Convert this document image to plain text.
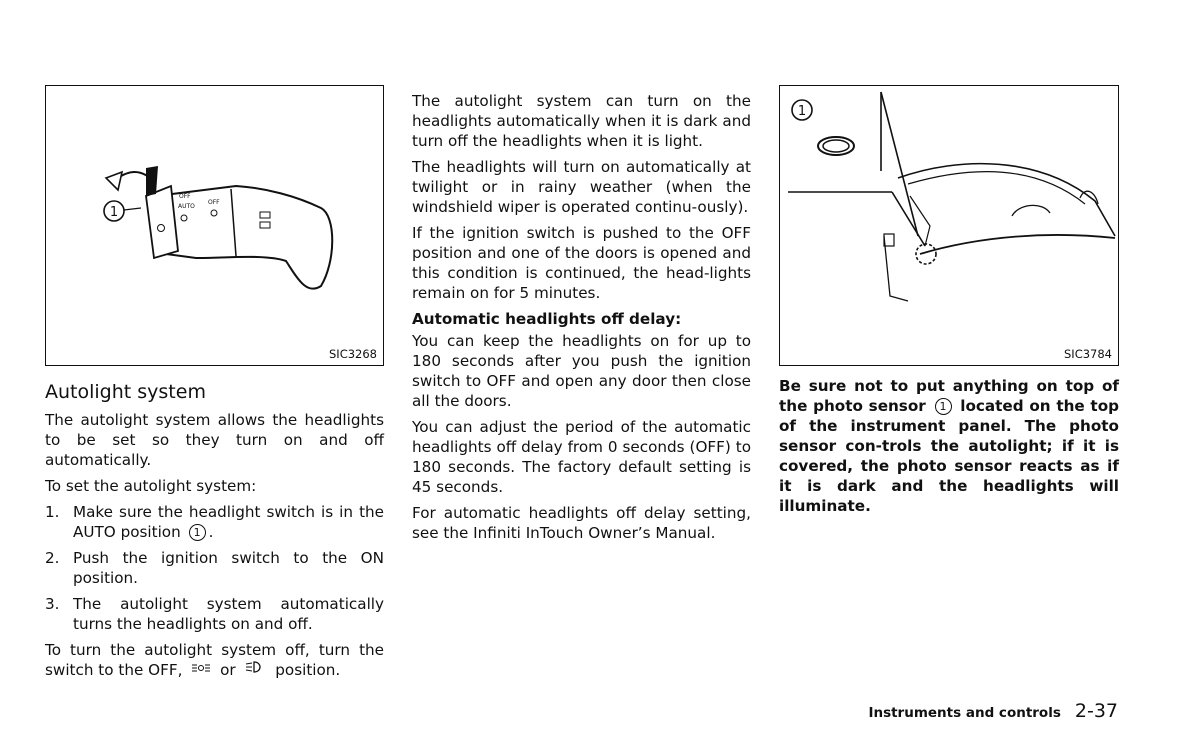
1
OFF
AUTO
OFF
SIC3268
Autolight system

The autolight system allows the headlights to be set so they turn on and off automatically.

To set the autolight system:

1. Make sure the headlight switch is in the AUTO position 1 .
2. Push the ignition switch to the ON position.
3. The autolight system automatically turns the headlights on and off.

To turn the autolight system off, turn the switch to the OFF, or	position.

The autolight system can turn on the headlights automatically when it is dark and turn off the headlights when it is light.

The headlights will turn on automatically at twilight or in rainy weather (when the windshield wiper is operated continu-ously).

If the ignition switch is pushed to the OFF position and one of the doors is opened and this condition is continued, the head-lights remain on for 5 minutes.

Automatic headlights off delay:

You can keep the headlights on for up to 180 seconds after you push the ignition switch to OFF and open any door then close all the doors.

You can adjust the period of the automatic headlights off delay from 0 seconds (OFF) to 180 seconds. The factory default setting is 45 seconds.

For automatic headlights off delay setting, see the Infiniti InTouch Owner’s Manual.

1
SIC3784

Be sure not to put anything on top of the photo sensor 1 located on the top of the instrument panel. The photo sensor con-trols the autolight; if it is covered, the photo sensor reacts as if it is dark and the headlights will illuminate.

Instruments and controls 2-37
